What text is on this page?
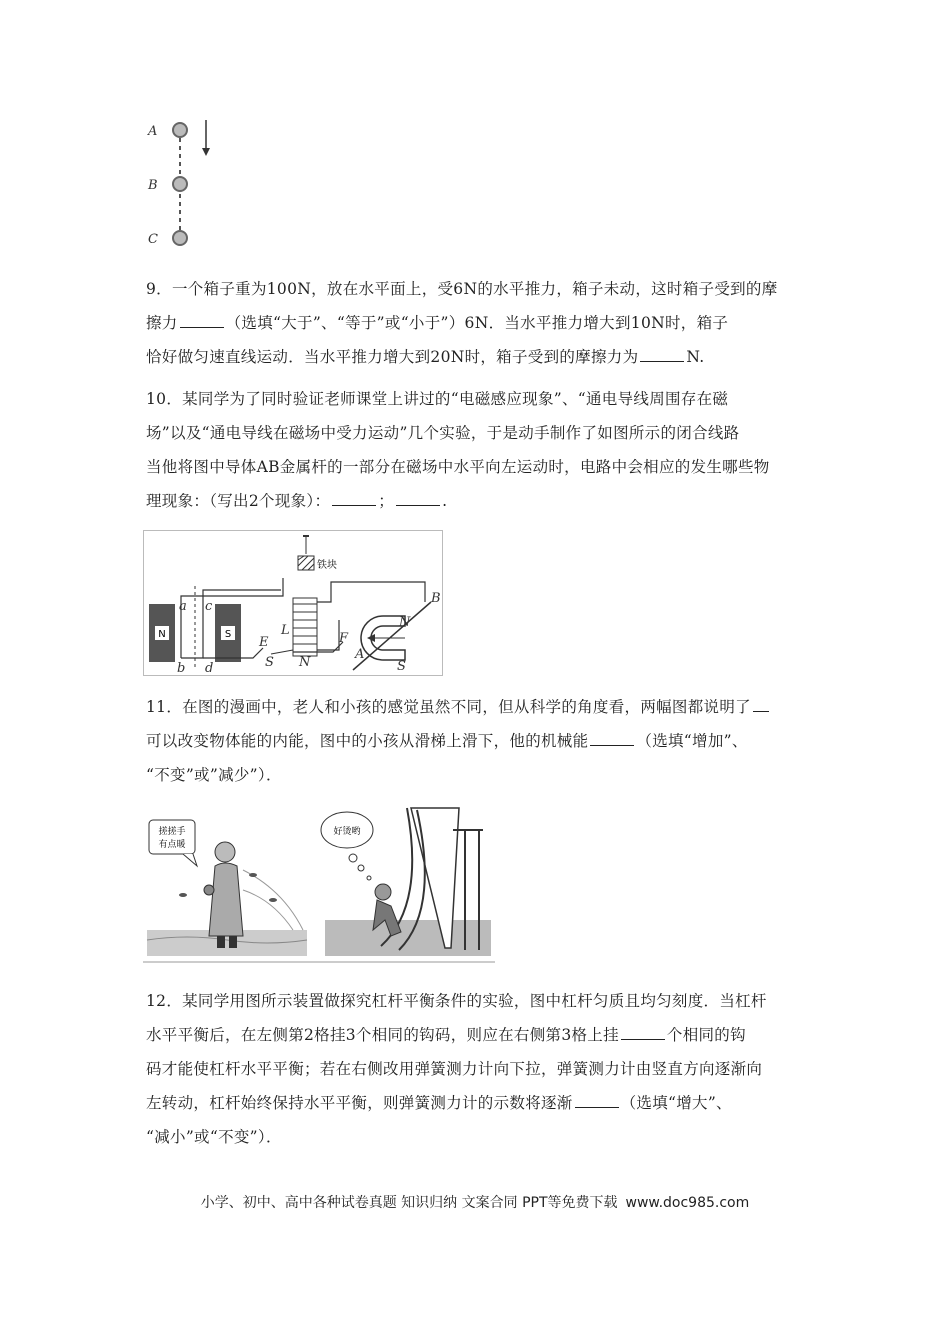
A
B
C

9．一个箱子重为100N，放在水平面上，受6N的水平推力，箱子未动，这时箱子受到的摩

擦力	（选填“大于”、“等于”或“小于”）6N．当水平推力增大到10N时，箱子

恰好做匀速直线运动．当水平推力增大到20N时，箱子受到的摩擦力为	N.

10．某同学为了同时验证老师课堂上讲过的“电磁感应现象”、“通电导线周围存在磁

场”以及“通电导线在磁场中受力运动”几个实验，于是动手制作了如图所示的闭合线路

当他将图中导体AB金属杆的一部分在磁场中水平向左运动时，电路中会相应的发生哪些物

理现象：（写出2个现象）：	；	.

N	S
铁块
N
S
S N
a
b
c
d
L
E	F
A
B

11．在图的漫画中，老人和小孩的感觉虽然不同，但从科学的角度看，两幅图都说明了

可以改变物体能的内能，图中的小孩从滑梯上滑下，他的机械能	（选填“增加”、

“不变”或”减少”）．

搓搓手
有点暖
好烫哟

12．某同学用图所示装置做探究杠杆平衡条件的实验，图中杠杆匀质且均匀刻度．当杠杆

水平平衡后，在左侧第2格挂3个相同的钩码，则应在右侧第3格上挂	个相同的钩

码才能使杠杆水平平衡；若在右侧改用弹簧测力计向下拉，弹簧测力计由竖直方向逐渐向

左转动，杠杆始终保持水平平衡，则弹簧测力计的示数将逐渐	（选填“增大”、

“减小”或“不变”）．

小学、初中、高中各种试卷真题 知识归纳 文案合同 PPT等免费下载 www.doc985.com
